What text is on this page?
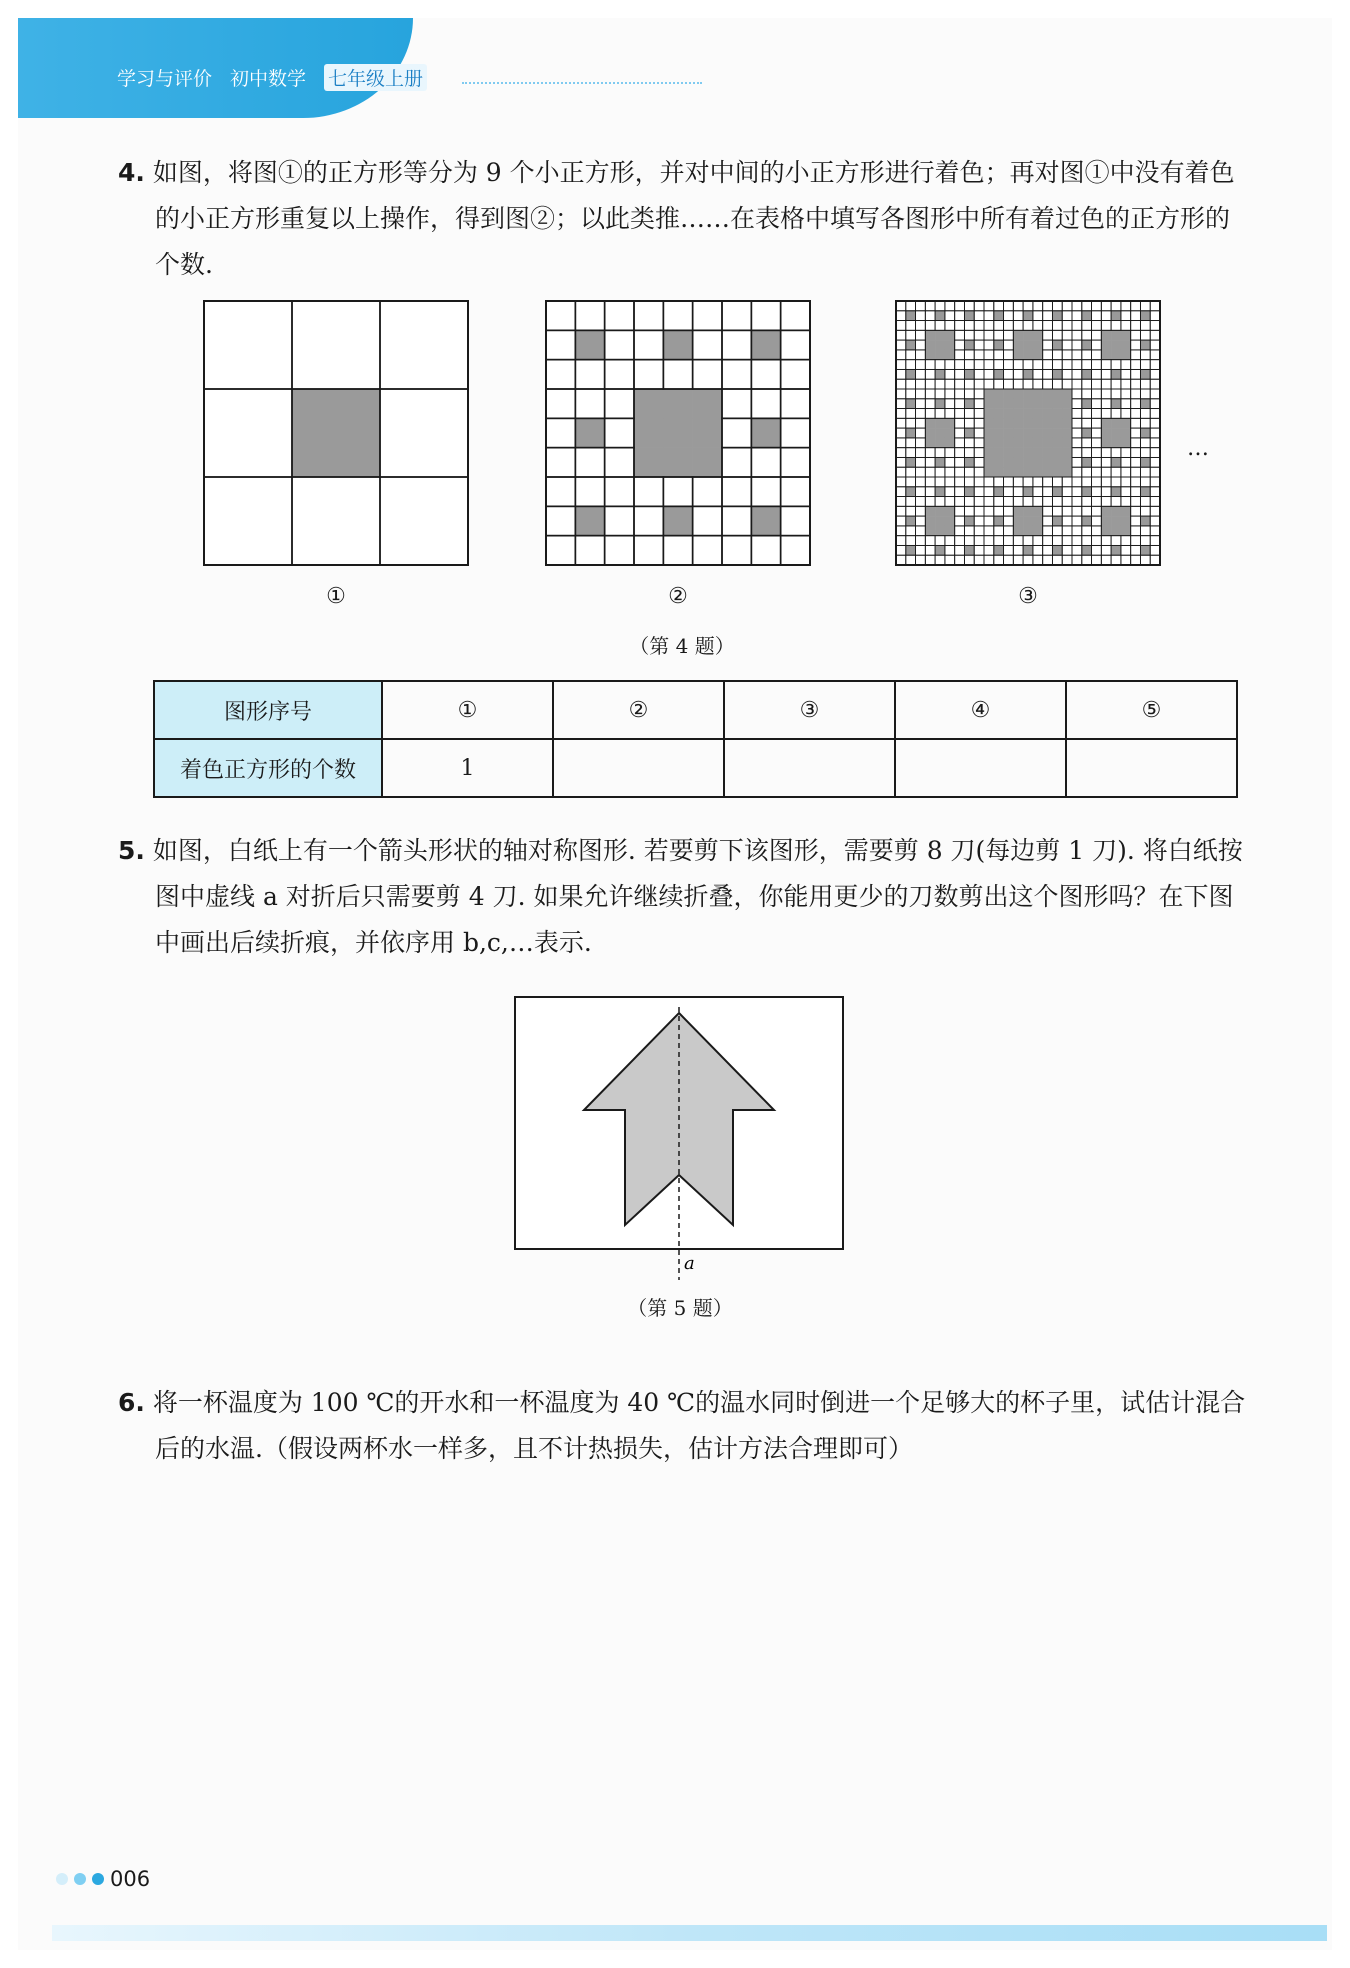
学习与评价 初中数学 七年级上册

4. 如图，将图①的正方形等分为 9 个小正方形，并对中间的小正方形进行着色；再对图①中没有着色的小正方形重复以上操作，得到图②；以此类推……在表格中填写各图形中所有着过色的正方形的个数.

…
①	②	③
（第 4 题）
图形序号	①	②	③	④	⑤
着色正方形的个数	1				

5. 如图，白纸上有一个箭头形状的轴对称图形. 若要剪下该图形，需要剪 8 刀(每边剪 1 刀). 将白纸按图中虚线 a 对折后只需要剪 4 刀. 如果允许继续折叠，你能用更少的刀数剪出这个图形吗？在下图中画出后续折痕，并依序用 b,c,…表示.

a
（第 5 题）

6. 将一杯温度为 100 ℃的开水和一杯温度为 40 ℃的温水同时倒进一个足够大的杯子里，试估计混合后的水温.（假设两杯水一样多，且不计热损失，估计方法合理即可）

006
